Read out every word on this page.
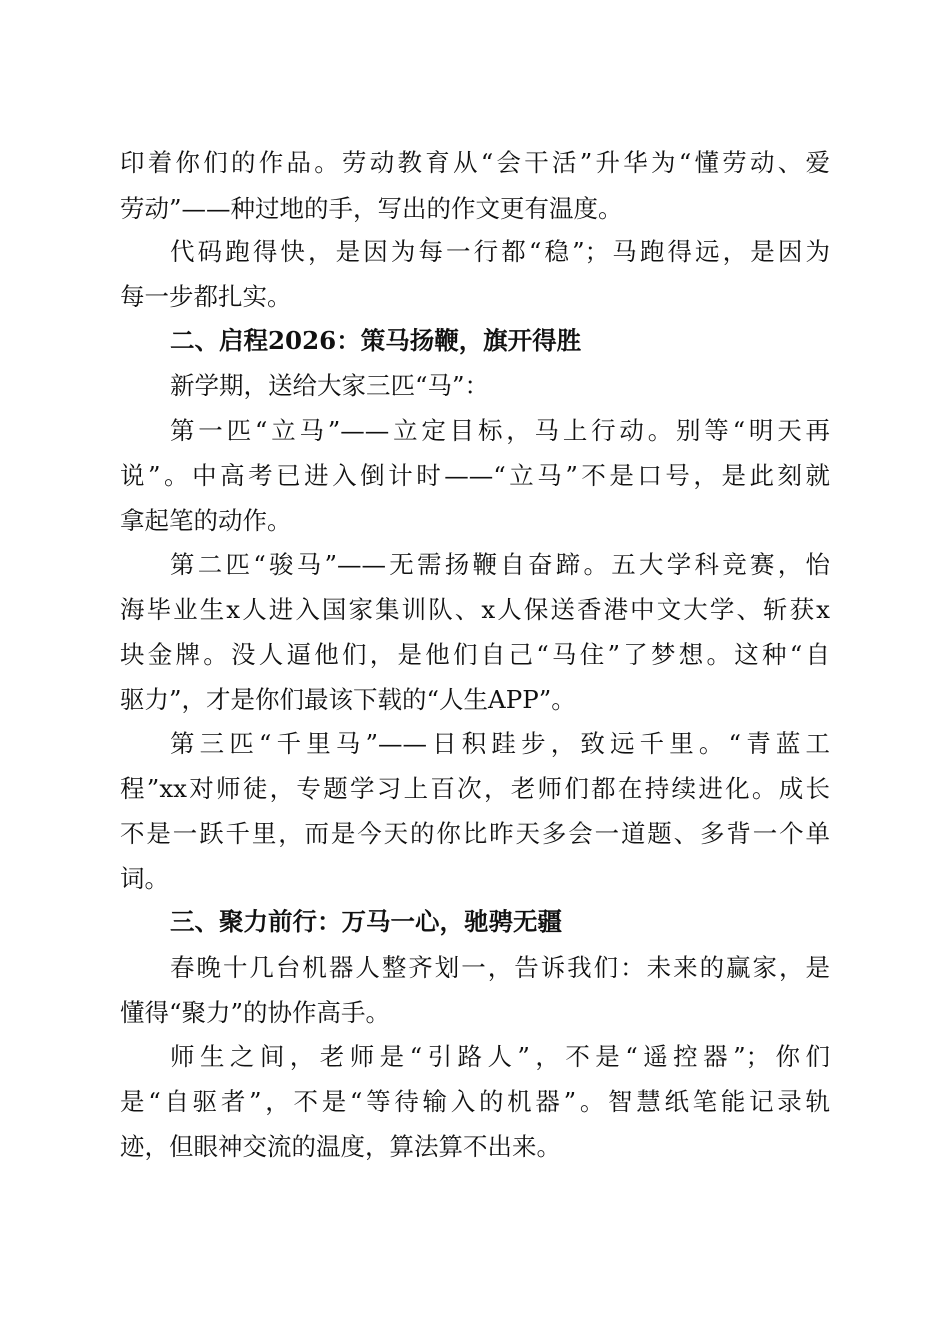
印着你们的作品。劳动教育从“会干活”升华为“懂劳动、爱
劳动”——种过地的手，写出的作文更有温度。
代码跑得快，是因为每一行都“稳”；马跑得远，是因为
每一步都扎实。
二、启程2026：策马扬鞭，旗开得胜
新学期，送给大家三匹“马”：
第一匹“立马”——立定目标，马上行动。别等“明天再
说”。中高考已进入倒计时——“立马”不是口号，是此刻就
拿起笔的动作。
第二匹“骏马”——无需扬鞭自奋蹄。五大学科竞赛，怡
海毕业生x人进入国家集训队、x人保送香港中文大学、斩获x
块金牌。没人逼他们，是他们自己“马住”了梦想。这种“自
驱力”，才是你们最该下载的“人生APP”。
第三匹“千里马”——日积跬步，致远千里。“青蓝工
程”xx对师徒，专题学习上百次，老师们都在持续进化。成长
不是一跃千里，而是今天的你比昨天多会一道题、多背一个单
词。
三、聚力前行：万马一心，驰骋无疆
春晚十几台机器人整齐划一，告诉我们：未来的赢家，是
懂得“聚力”的协作高手。
师生之间，老师是“引路人”，不是“遥控器”；你们
是“自驱者”，不是“等待输入的机器”。智慧纸笔能记录轨
迹，但眼神交流的温度，算法算不出来。
